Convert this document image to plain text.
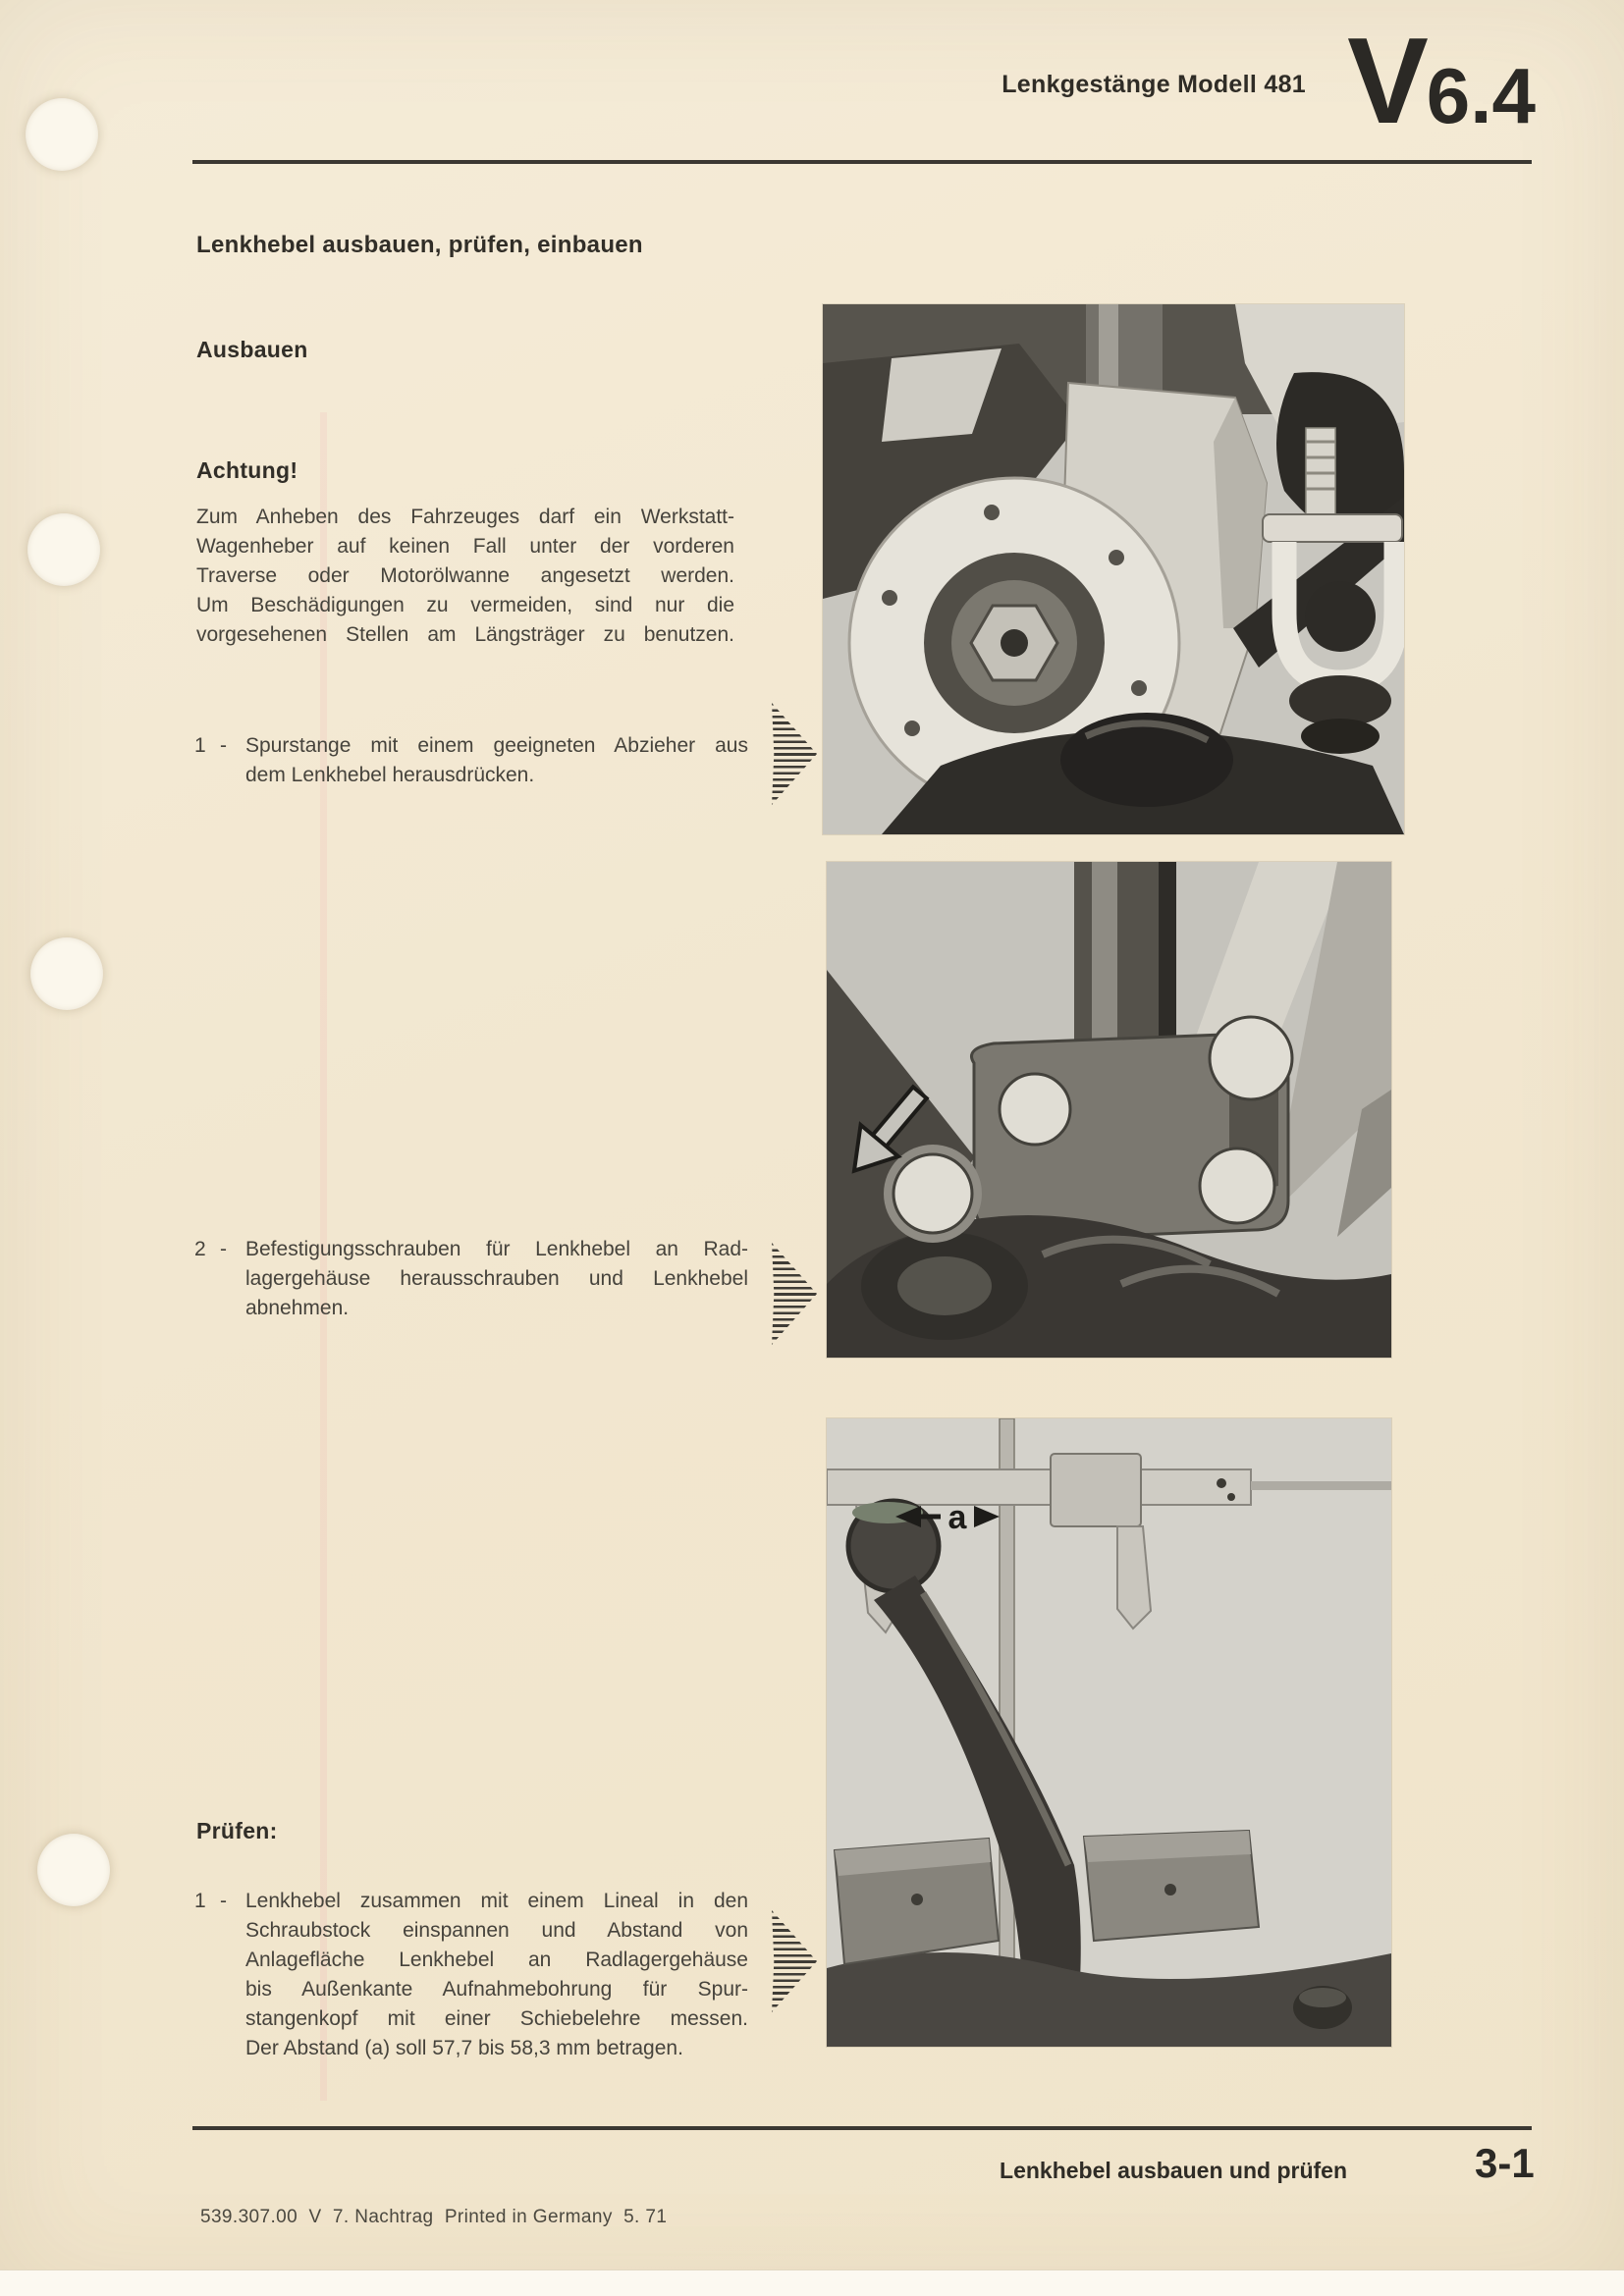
Lenkgestänge Modell 481 V 6.4
Lenkhebel ausbauen, prüfen, einbauen
Ausbauen
Achtung!
Zum Anheben des Fahrzeuges darf ein Werkstatt-
Wagenheber auf keinen Fall unter der vorderen
Traverse oder Motorölwanne angesetzt werden.
Um Beschädigungen zu vermeiden, sind nur die
vorgesehenen Stellen am Längsträger zu benutzen.
1 - Spurstange mit einem geeigneten Abzieher aus
dem Lenkhebel herausdrücken.
2 - Befestigungsschrauben für Lenkhebel an Rad-
lagergehäuse herausschrauben und Lenkhebel
abnehmen.
Prüfen:
1 - Lenkhebel zusammen mit einem Lineal in den
Schraubstock einspannen und Abstand von
Anlagefläche Lenkhebel an Radlagergehäuse
bis Außenkante Aufnahmebohrung für Spur-
stangenkopf mit einer Schiebelehre messen.
Der Abstand (a) soll 57,7 bis 58,3 mm betragen.
a
Lenkhebel ausbauen und prüfen	3-1
539.307.00  V  7. Nachtrag  Printed in Germany  5. 71
